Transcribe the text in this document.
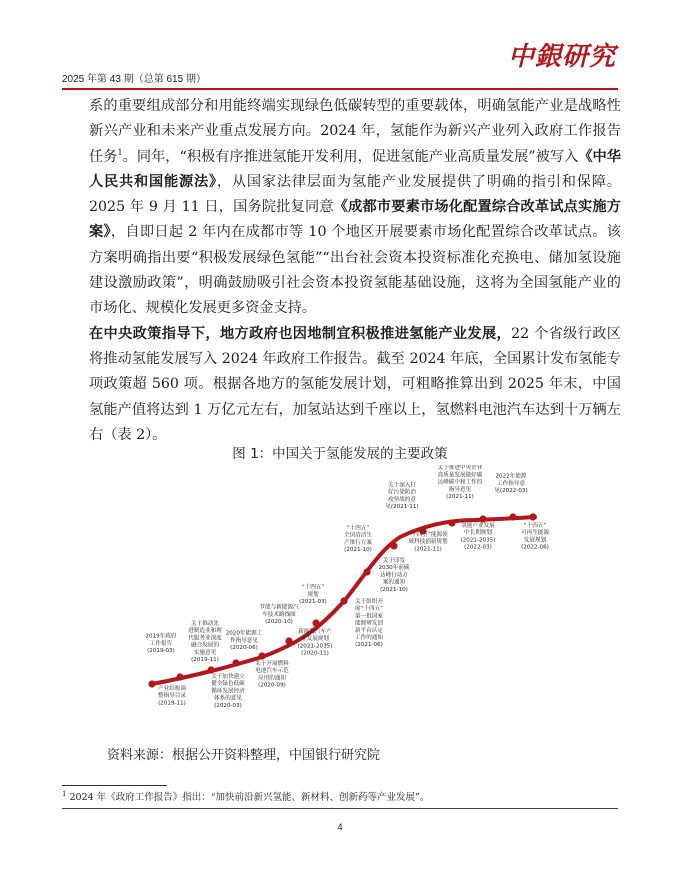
2025 年第 43 期（总第 615 期）
中銀研究

系的重要组成部分和用能终端实现绿色低碳转型的重要载体，明确氢能产业是战略性新兴产业和未来产业重点发展方向。2024 年，氢能作为新兴产业列入政府工作报告任务$^1$。同年，“积极有序推进氢能开发利用，促进氢能产业高质量发展”被写入《中华人民共和国能源法》，从国家法律层面为氢能产业发展提供了明确的指引和保障。2025 年 9 月 11 日，国务院批复同意《成都市要素市场化配置综合改革试点实施方案》，自即日起 2 年内在成都市等 10 个地区开展要素市场化配置综合改革试点。该方案明确指出要“积极发展绿色氢能”“出台社会资本投资标准化充换电、储加氢设施建设激励政策”，明确鼓励吸引社会资本投资氢能基础设施，这将为全国氢能产业的市场化、规模化发展更多资金支持。

在中央政策指导下，地方政府也因地制宜积极推进氢能产业发展，22 个省级行政区将推动氢能发展写入 2024 年政府工作报告。截至 2024 年底，全国累计发布氢能专项政策超 560 项。根据各地方的氢能发展计划，可粗略推算出到 2025 年末，中国氢能产值将达到 1 万亿元左右，加氢站达到千座以上，氢燃料电池汽车达到十万辆左右（表 2）。

图 1：中国关于氢能发展的主要政策
2019年政府
工作报告
(2019-03)
关于推动先
进制造业和现
代服务业深度
融合发展的
实施意见
(2019-11)
2020年能源工
作指导意见
(2020-06)
节能与新能源汽
车技术路线图
(2020-10)
“十四五”
规划
(2021-03)
“十四五”
全国清洁生
产推行方案
(2021-10)
关于深入打
好污染防治
攻坚战的意
见(2021-11)
关于推进中央企业
高质量发展做好碳
达峰碳中和工作的
指导意见
(2021-11)
2022年能源
工作指导意
见(2022-03)
产业结构调
整指导目录
(2019-11)
关于加快建立
健全绿色低碳
循环发展经济
体系的意见
(2020-03)
关于开展燃料
电池汽车示范
应用的通知
(2020-09)
新能源汽车产
业发展规划
(2021-2035)
(2020-11)
关于组织开
展“十四五”
第一批国家
能源研发创
新平台认定
工作的通知
(2021-06)
关于印发
2030年前碳
达峰行动方
案的通知
(2021-10)
“十四五”能源领
域科技创新规划
(2021-11)
氢能产业发展
中长期规划
(2021-2035)
(2022-03)
“十四五”
可再生能源
发展规划
(2022-06)
资料来源：根据公开资料整理，中国银行研究院
$^1$ 2024 年《政府工作报告》指出：“加快前沿新兴氢能、新材料、创新药等产业发展”。
4
